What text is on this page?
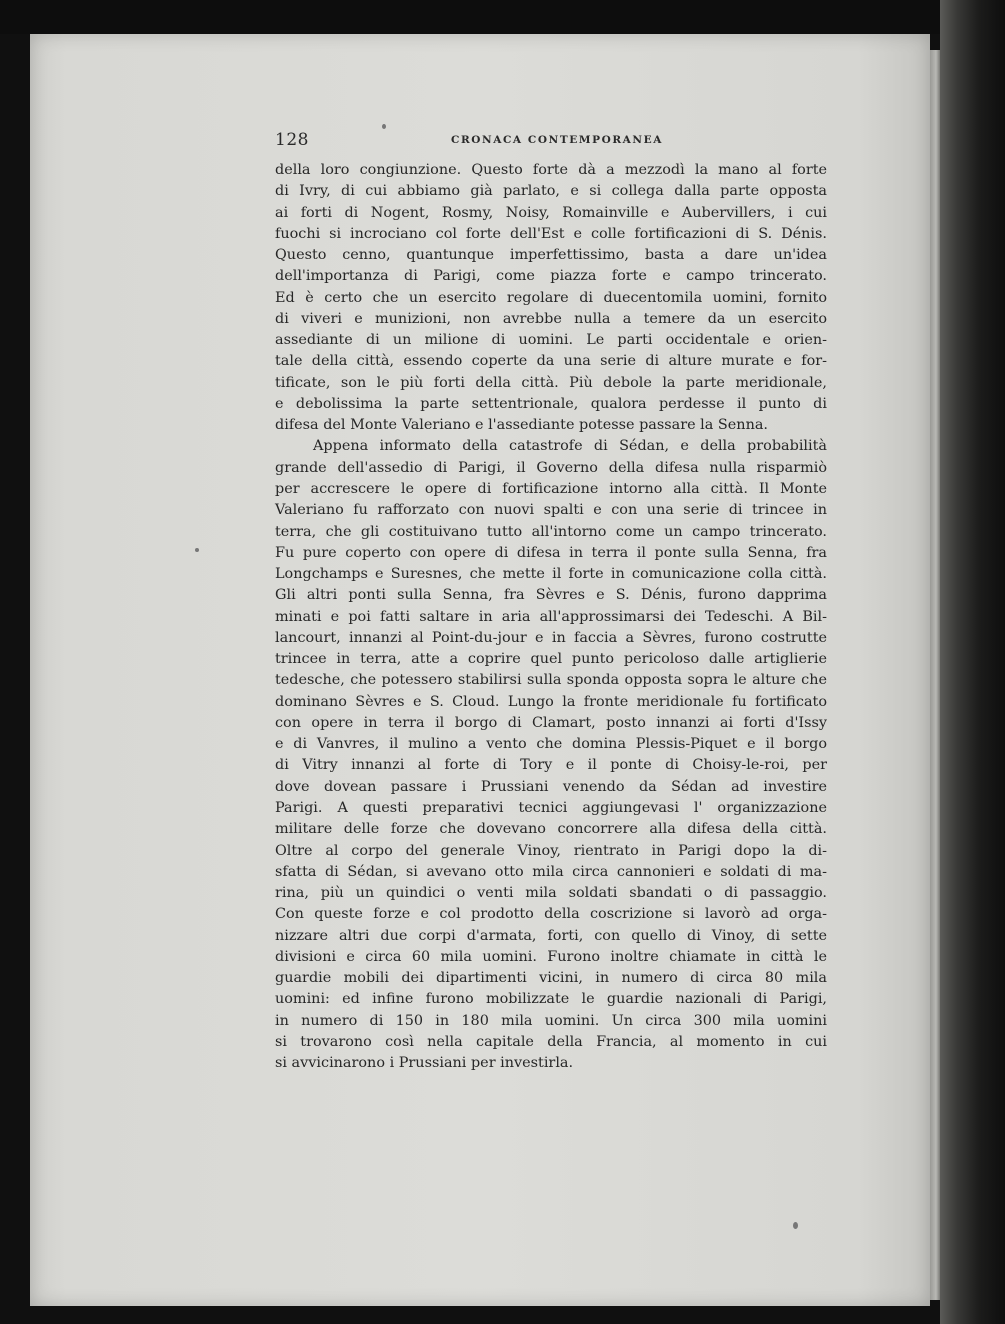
128	CRONACA CONTEMPORANEA
della loro congiunzione. Questo forte dà a mezzodì la mano al forte
di Ivry, di cui abbiamo già parlato, e si collega dalla parte opposta
ai forti di Nogent, Rosmy, Noisy, Romainville e Aubervillers, i cui
fuochi si incrociano col forte dell'Est e colle fortificazioni di S. Dénis.
Questo cenno, quantunque imperfettissimo, basta a dare un'idea
dell'importanza di Parigi, come piazza forte e campo trincerato.
Ed è certo che un esercito regolare di duecentomila uomini, fornito
di viveri e munizioni, non avrebbe nulla a temere da un esercito
assediante di un milione di uomini. Le parti occidentale e orien-
tale della città, essendo coperte da una serie di alture murate e for-
tificate, son le più forti della città. Più debole la parte meridionale,
e debolissima la parte settentrionale, qualora perdesse il punto di
difesa del Monte Valeriano e l'assediante potesse passare la Senna.
Appena informato della catastrofe di Sédan, e della probabilità
grande dell'assedio di Parigi, il Governo della difesa nulla risparmiò
per accrescere le opere di fortificazione intorno alla città. Il Monte
Valeriano fu rafforzato con nuovi spalti e con una serie di trincee in
terra, che gli costituivano tutto all'intorno come un campo trincerato.
Fu pure coperto con opere di difesa in terra il ponte sulla Senna, fra
Longchamps e Suresnes, che mette il forte in comunicazione colla città.
Gli altri ponti sulla Senna, fra Sèvres e S. Dénis, furono dapprima
minati e poi fatti saltare in aria all'approssimarsi dei Tedeschi. A Bil-
lancourt, innanzi al Point-du-jour e in faccia a Sèvres, furono costrutte
trincee in terra, atte a coprire quel punto pericoloso dalle artiglierie
tedesche, che potessero stabilirsi sulla sponda opposta sopra le alture che
dominano Sèvres e S. Cloud. Lungo la fronte meridionale fu fortificato
con opere in terra il borgo di Clamart, posto innanzi ai forti d'Issy
e di Vanvres, il mulino a vento che domina Plessis-Piquet e il borgo
di Vitry innanzi al forte di Tory e il ponte di Choisy-le-roi, per
dove dovean passare i Prussiani venendo da Sédan ad investire
Parigi. A questi preparativi tecnici aggiungevasi l' organizzazione
militare delle forze che dovevano concorrere alla difesa della città.
Oltre al corpo del generale Vinoy, rientrato in Parigi dopo la di-
sfatta di Sédan, si avevano otto mila circa cannonieri e soldati di ma-
rina, più un quindici o venti mila soldati sbandati o di passaggio.
Con queste forze e col prodotto della coscrizione si lavorò ad orga-
nizzare altri due corpi d'armata, forti, con quello di Vinoy, di sette
divisioni e circa 60 mila uomini. Furono inoltre chiamate in città le
guardie mobili dei dipartimenti vicini, in numero di circa 80 mila
uomini: ed infine furono mobilizzate le guardie nazionali di Parigi,
in numero di 150 in 180 mila uomini. Un circa 300 mila uomini
si trovarono così nella capitale della Francia, al momento in cui
si avvicinarono i Prussiani per investirla.
